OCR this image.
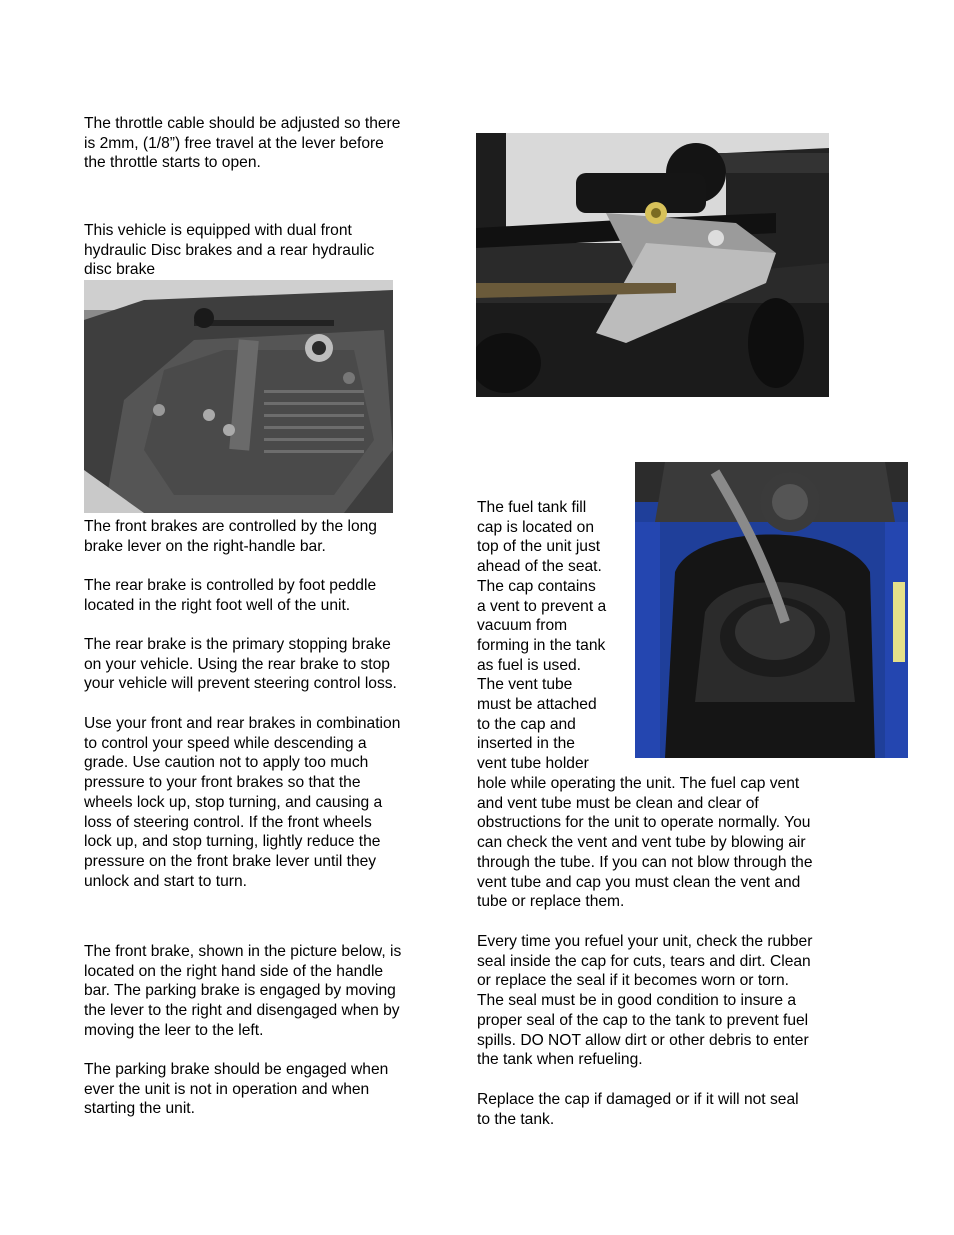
The throttle cable should be adjusted so there
is 2mm, (1/8”) free travel at the lever before
the throttle starts to open.
This vehicle is equipped with dual front
hydraulic Disc brakes and a rear hydraulic
disc brake
The front brakes are controlled by the long
brake lever on the right-handle bar.
The rear brake is controlled by foot peddle
located in the right foot well of the unit.
The rear brake is the primary stopping brake
on your vehicle. Using the rear brake to stop
your vehicle will prevent steering control loss.
Use your front and rear brakes in combination
to control your speed while descending a
grade. Use caution not to apply too much
pressure to your front brakes so that the
wheels lock up, stop turning, and causing a
loss of steering control. If the front wheels
lock up, and stop turning, lightly reduce the
pressure on the front brake lever until they
unlock and start to turn.
The front brake, shown in the picture below, is
located on the right hand side of the handle
bar. The parking brake is engaged by moving
the lever to the right and disengaged when by
moving the leer to the left.
The parking brake should be engaged when
ever the unit is not in operation and when
starting the unit.
The fuel tank fill
cap is located on
top of the unit just
ahead of the seat.
The cap contains
a vent to prevent a
vacuum from
forming in the tank
as fuel is used.
The vent tube
must be attached
to the cap and
inserted in the
vent tube holder
hole while operating the unit. The fuel cap vent
and vent tube must be clean and clear of
obstructions for the unit to operate normally. You
can check the vent and vent tube by blowing air
through the tube. If you can not blow through the
vent tube and cap you must clean the vent and
tube or replace them.
Every time you refuel your unit, check the rubber
seal inside the cap for cuts, tears and dirt. Clean
or replace the seal if it becomes worn or torn.
The seal must be in good condition to insure a
proper seal of the cap to the tank to prevent fuel
spills. DO NOT allow dirt or other debris to enter
the tank when refueling.
Replace the cap if damaged or if it will not seal
to the tank.
